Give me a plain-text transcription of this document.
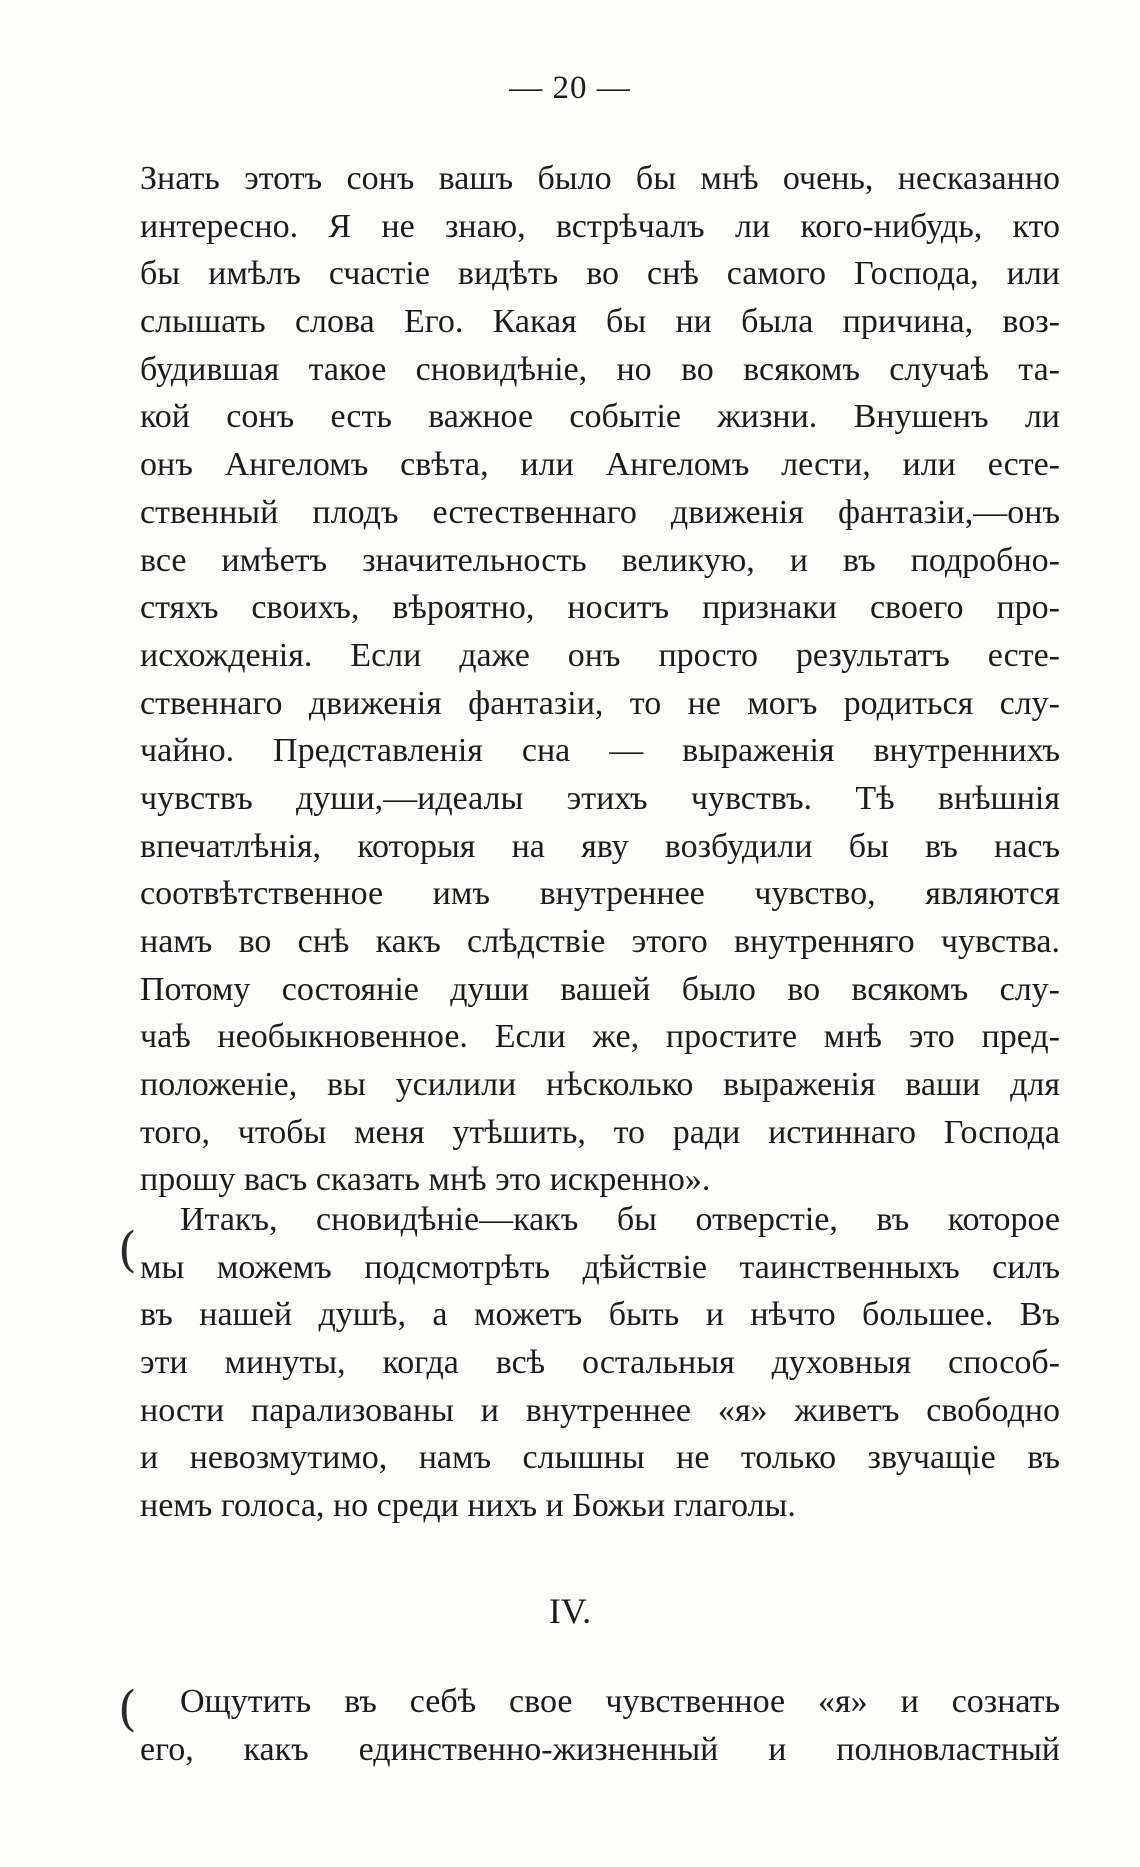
— 20 —
Знать этотъ сонъ вашъ было бы мнѣ очень, несказанно
интересно. Я не знаю, встрѣчалъ ли кого-нибудь, кто
бы имѣлъ счастіе видѣть во снѣ самого Господа, или
слышать слова Его. Какая бы ни была причина, воз-
будившая такое сновидѣніе, но во всякомъ случаѣ та-
кой сонъ есть важное событіе жизни. Внушенъ ли
онъ Ангеломъ свѣта, или Ангеломъ лести, или есте-
ственный плодъ естественнаго движенія фантазіи,—онъ
все имѣетъ значительность великую, и въ подробно-
стяхъ своихъ, вѣроятно, носитъ признаки своего про-
исхожденія. Если даже онъ просто результатъ есте-
ственнаго движенія фантазіи, то не могъ родиться слу-
чайно. Представленія сна — выраженія внутреннихъ
чувствъ души,—идеалы этихъ чувствъ. Тѣ внѣшнія
впечатлѣнія, которыя на яву возбудили бы въ насъ
соотвѣтственное имъ внутреннее чувство, являются
намъ во снѣ какъ слѣдствіе этого внутренняго чувства.
Потому состояніе души вашей было во всякомъ слу-
чаѣ необыкновенное. Если же, простите мнѣ это пред-
положеніе, вы усилили нѣсколько выраженія ваши для
того, чтобы меня утѣшить, то ради истиннаго Господа
прошу васъ сказать мнѣ это искренно».
(
Итакъ, сновидѣніе—какъ бы отверстіе, въ которое
мы можемъ подсмотрѣть дѣйствіе таинственныхъ силъ
въ нашей душѣ, а можетъ быть и нѣчто большее. Въ
эти минуты, когда всѣ остальныя духовныя способ-
ности парализованы и внутреннее «я» живетъ свободно
и невозмутимо, намъ слышны не только звучащіе въ
немъ голоса, но среди нихъ и Божьи глаголы.
IV.
(	Ощутить въ себѣ свое чувственное «я» и сознать
его, какъ единственно-жизненный и полновластный
